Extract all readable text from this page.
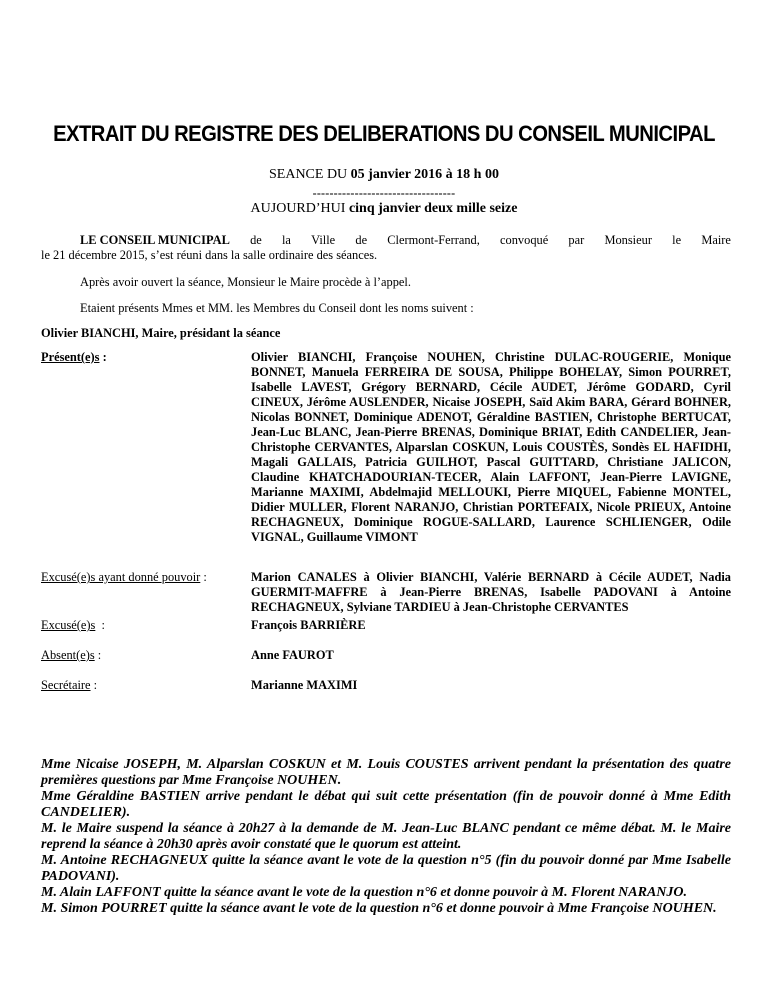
EXTRAIT DU REGISTRE DES DELIBERATIONS DU CONSEIL MUNICIPAL
SEANCE DU 05 janvier 2016 à 18 h 00
----------------------------------
AUJOURD’HUI cinq janvier deux mille seize
LE CONSEIL MUNICIPAL de la Ville de Clermont-Ferrand, convoqué par Monsieur le Maire
le 21 décembre 2015, s’est réuni dans la salle ordinaire des séances.
Après avoir ouvert la séance, Monsieur le Maire procède à l’appel.
Etaient présents Mmes et MM. les Membres du Conseil dont les noms suivent :
Olivier BIANCHI, Maire, présidant la séance
Présent(e)s :	Olivier BIANCHI, Françoise NOUHEN, Christine DULAC-ROUGERIE, Monique BONNET, Manuela FERREIRA DE SOUSA, Philippe BOHELAY, Simon POURRET, Isabelle LAVEST, Grégory BERNARD, Cécile AUDET, Jérôme GODARD, Cyril CINEUX, Jérôme AUSLENDER, Nicaise JOSEPH, Saïd Akim BARA, Gérard BOHNER, Nicolas BONNET, Dominique ADENOT, Géraldine BASTIEN, Christophe BERTUCAT, Jean-Luc BLANC, Jean-Pierre BRENAS, Dominique BRIAT, Edith CANDELIER, Jean-Christophe CERVANTES, Alparslan COSKUN, Louis COUSTÈS, Sondès EL HAFIDHI, Magali GALLAIS, Patricia GUILHOT, Pascal GUITTARD, Christiane JALICON, Claudine KHATCHADOURIAN-TECER, Alain LAFFONT, Jean-Pierre LAVIGNE, Marianne MAXIMI, Abdelmajid MELLOUKI, Pierre MIQUEL, Fabienne MONTEL, Didier MULLER, Florent NARANJO, Christian PORTEFAIX, Nicole PRIEUX, Antoine RECHAGNEUX, Dominique ROGUE-SALLARD, Laurence SCHLIENGER, Odile VIGNAL, Guillaume VIMONT
Excusé(e)s ayant donné pouvoir :	Marion CANALES à Olivier BIANCHI, Valérie BERNARD à Cécile AUDET, Nadia GUERMIT-MAFFRE à Jean-Pierre BRENAS, Isabelle PADOVANI à Antoine RECHAGNEUX, Sylviane TARDIEU à Jean-Christophe CERVANTES
Excusé(e)s  :	François BARRIÈRE
Absent(e)s :	Anne FAUROT
Secrétaire :	Marianne MAXIMI

Mme Nicaise JOSEPH, M. Alparslan COSKUN et M. Louis COUSTES arrivent pendant la présentation des quatre premières questions par Mme Françoise NOUHEN.

Mme Géraldine BASTIEN arrive pendant le débat qui suit cette présentation (fin de pouvoir donné à Mme Edith CANDELIER).

M. le Maire suspend la séance à 20h27 à la demande de M. Jean-Luc BLANC pendant ce même débat. M. le Maire reprend la séance à 20h30 après avoir constaté que le quorum est atteint.

M. Antoine RECHAGNEUX quitte la séance avant le vote de la question n°5 (fin du pouvoir donné par Mme Isabelle PADOVANI).

M. Alain LAFFONT quitte la séance avant le vote de la question n°6 et donne pouvoir à M. Florent NARANJO.

M. Simon POURRET quitte la séance avant le vote de la question n°6 et donne pouvoir à Mme Françoise NOUHEN.
